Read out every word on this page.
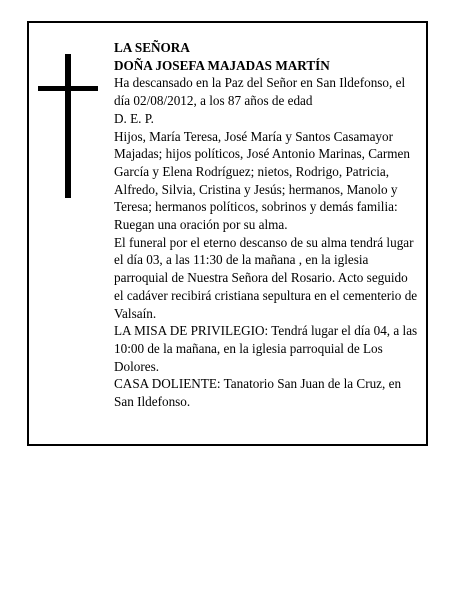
LA SEÑORA

DOÑA JOSEFA MAJADAS MARTÍN

Ha descansado en la Paz del Señor en San Ildefonso, el día 02/08/2012, a los 87 años de edad

D. E. P.

Hijos, María Teresa, José María y Santos Casamayor Majadas; hijos políticos, José Antonio Marinas, Carmen García y Elena Rodríguez; nietos, Rodrigo, Patricia, Alfredo, Silvia, Cristina y Jesús; hermanos, Manolo y Teresa; hermanos políticos, sobrinos y demás familia:

Ruegan una oración por su alma.

El funeral por el eterno descanso de su alma tendrá lugar el día 03, a las 11:30 de la mañana , en la iglesia parroquial de Nuestra Señora del Rosario. Acto seguido el cadáver recibirá cristiana sepultura en el cementerio de Valsaín.

LA MISA DE PRIVILEGIO: Tendrá lugar el día 04, a las 10:00 de la mañana, en la iglesia parroquial de Los Dolores.

CASA DOLIENTE: Tanatorio San Juan de la Cruz, en San Ildefonso.
